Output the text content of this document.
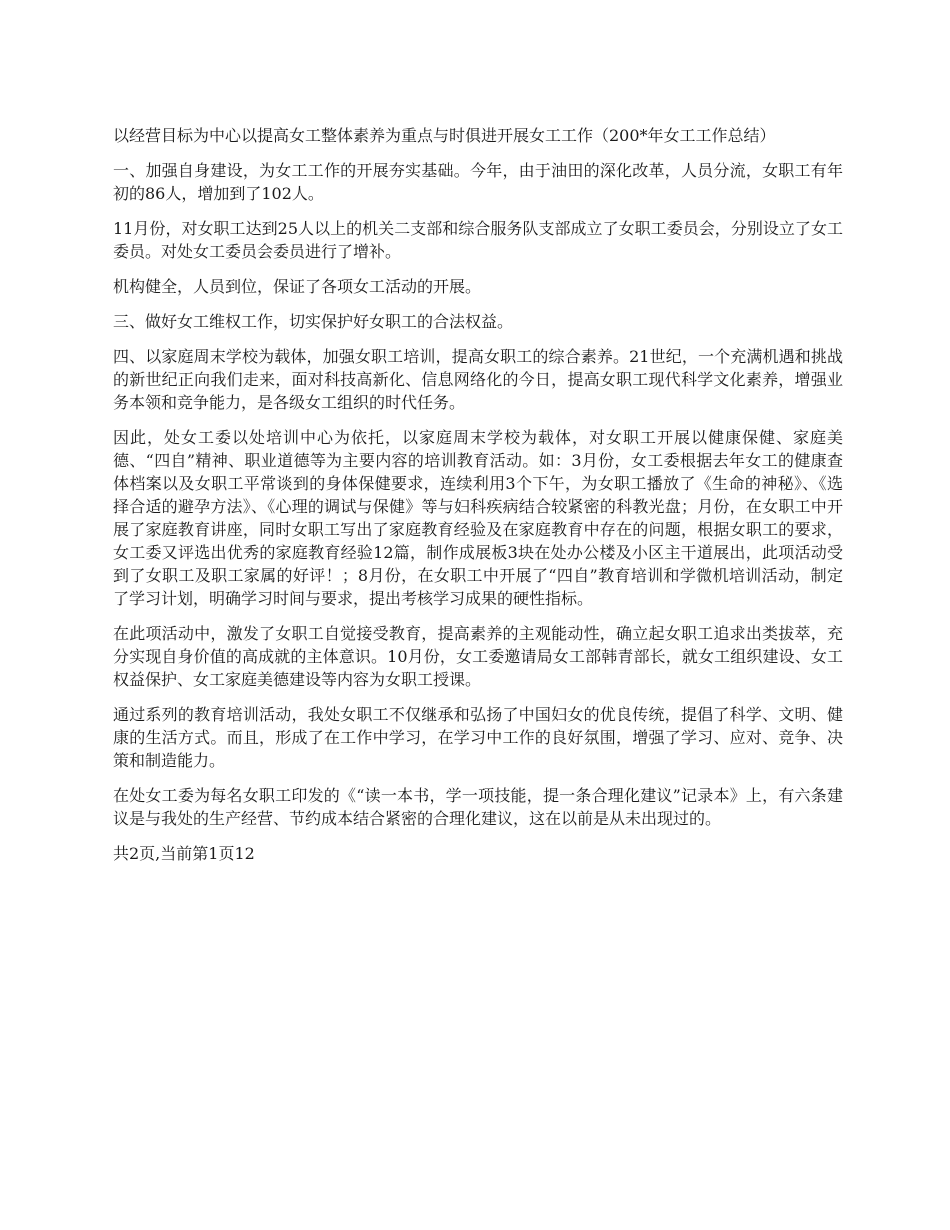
以经营目标为中心以提高女工整体素养为重点与时俱进开展女工工作（200*年女工工作总结）

一、加强自身建设，为女工工作的开展夯实基础。今年，由于油田的深化改革，人员分流，女职工有年初的86人，增加到了102人。

11月份，对女职工达到25人以上的机关二支部和综合服务队支部成立了女职工委员会，分别设立了女工委员。对处女工委员会委员进行了增补。

机构健全，人员到位，保证了各项女工活动的开展。

三、做好女工维权工作，切实保护好女职工的合法权益。

四、以家庭周末学校为载体，加强女职工培训，提高女职工的综合素养。21世纪，一个充满机遇和挑战的新世纪正向我们走来，面对科技高新化、信息网络化的今日，提高女职工现代科学文化素养，增强业务本领和竞争能力，是各级女工组织的时代任务。

因此，处女工委以处培训中心为依托，以家庭周末学校为载体，对女职工开展以健康保健、家庭美德、“四自”精神、职业道德等为主要内容的培训教育活动。如：3月份，女工委根据去年女工的健康查体档案以及女职工平常谈到的身体保健要求，连续利用3个下午，为女职工播放了《生命的神秘》、《选择合适的避孕方法》、《心理的调试与保健》等与妇科疾病结合较紧密的科教光盘；月份，在女职工中开展了家庭教育讲座，同时女职工写出了家庭教育经验及在家庭教育中存在的问题，根据女职工的要求，女工委又评选出优秀的家庭教育经验12篇，制作成展板3块在处办公楼及小区主干道展出，此项活动受到了女职工及职工家属的好评！；8月份，在女职工中开展了“四自”教育培训和学微机培训活动，制定了学习计划，明确学习时间与要求，提出考核学习成果的硬性指标。

在此项活动中，激发了女职工自觉接受教育，提高素养的主观能动性，确立起女职工追求出类拔萃，充分实现自身价值的高成就的主体意识。10月份，女工委邀请局女工部韩青部长，就女工组织建设、女工权益保护、女工家庭美德建设等内容为女职工授课。

通过系列的教育培训活动，我处女职工不仅继承和弘扬了中国妇女的优良传统，提倡了科学、文明、健康的生活方式。而且，形成了在工作中学习，在学习中工作的良好氛围，增强了学习、应对、竞争、决策和制造能力。

在处女工委为每名女职工印发的《“读一本书，学一项技能，提一条合理化建议”记录本》上，有六条建议是与我处的生产经营、节约成本结合紧密的合理化建议，这在以前是从未出现过的。

共2页,当前第1页12
